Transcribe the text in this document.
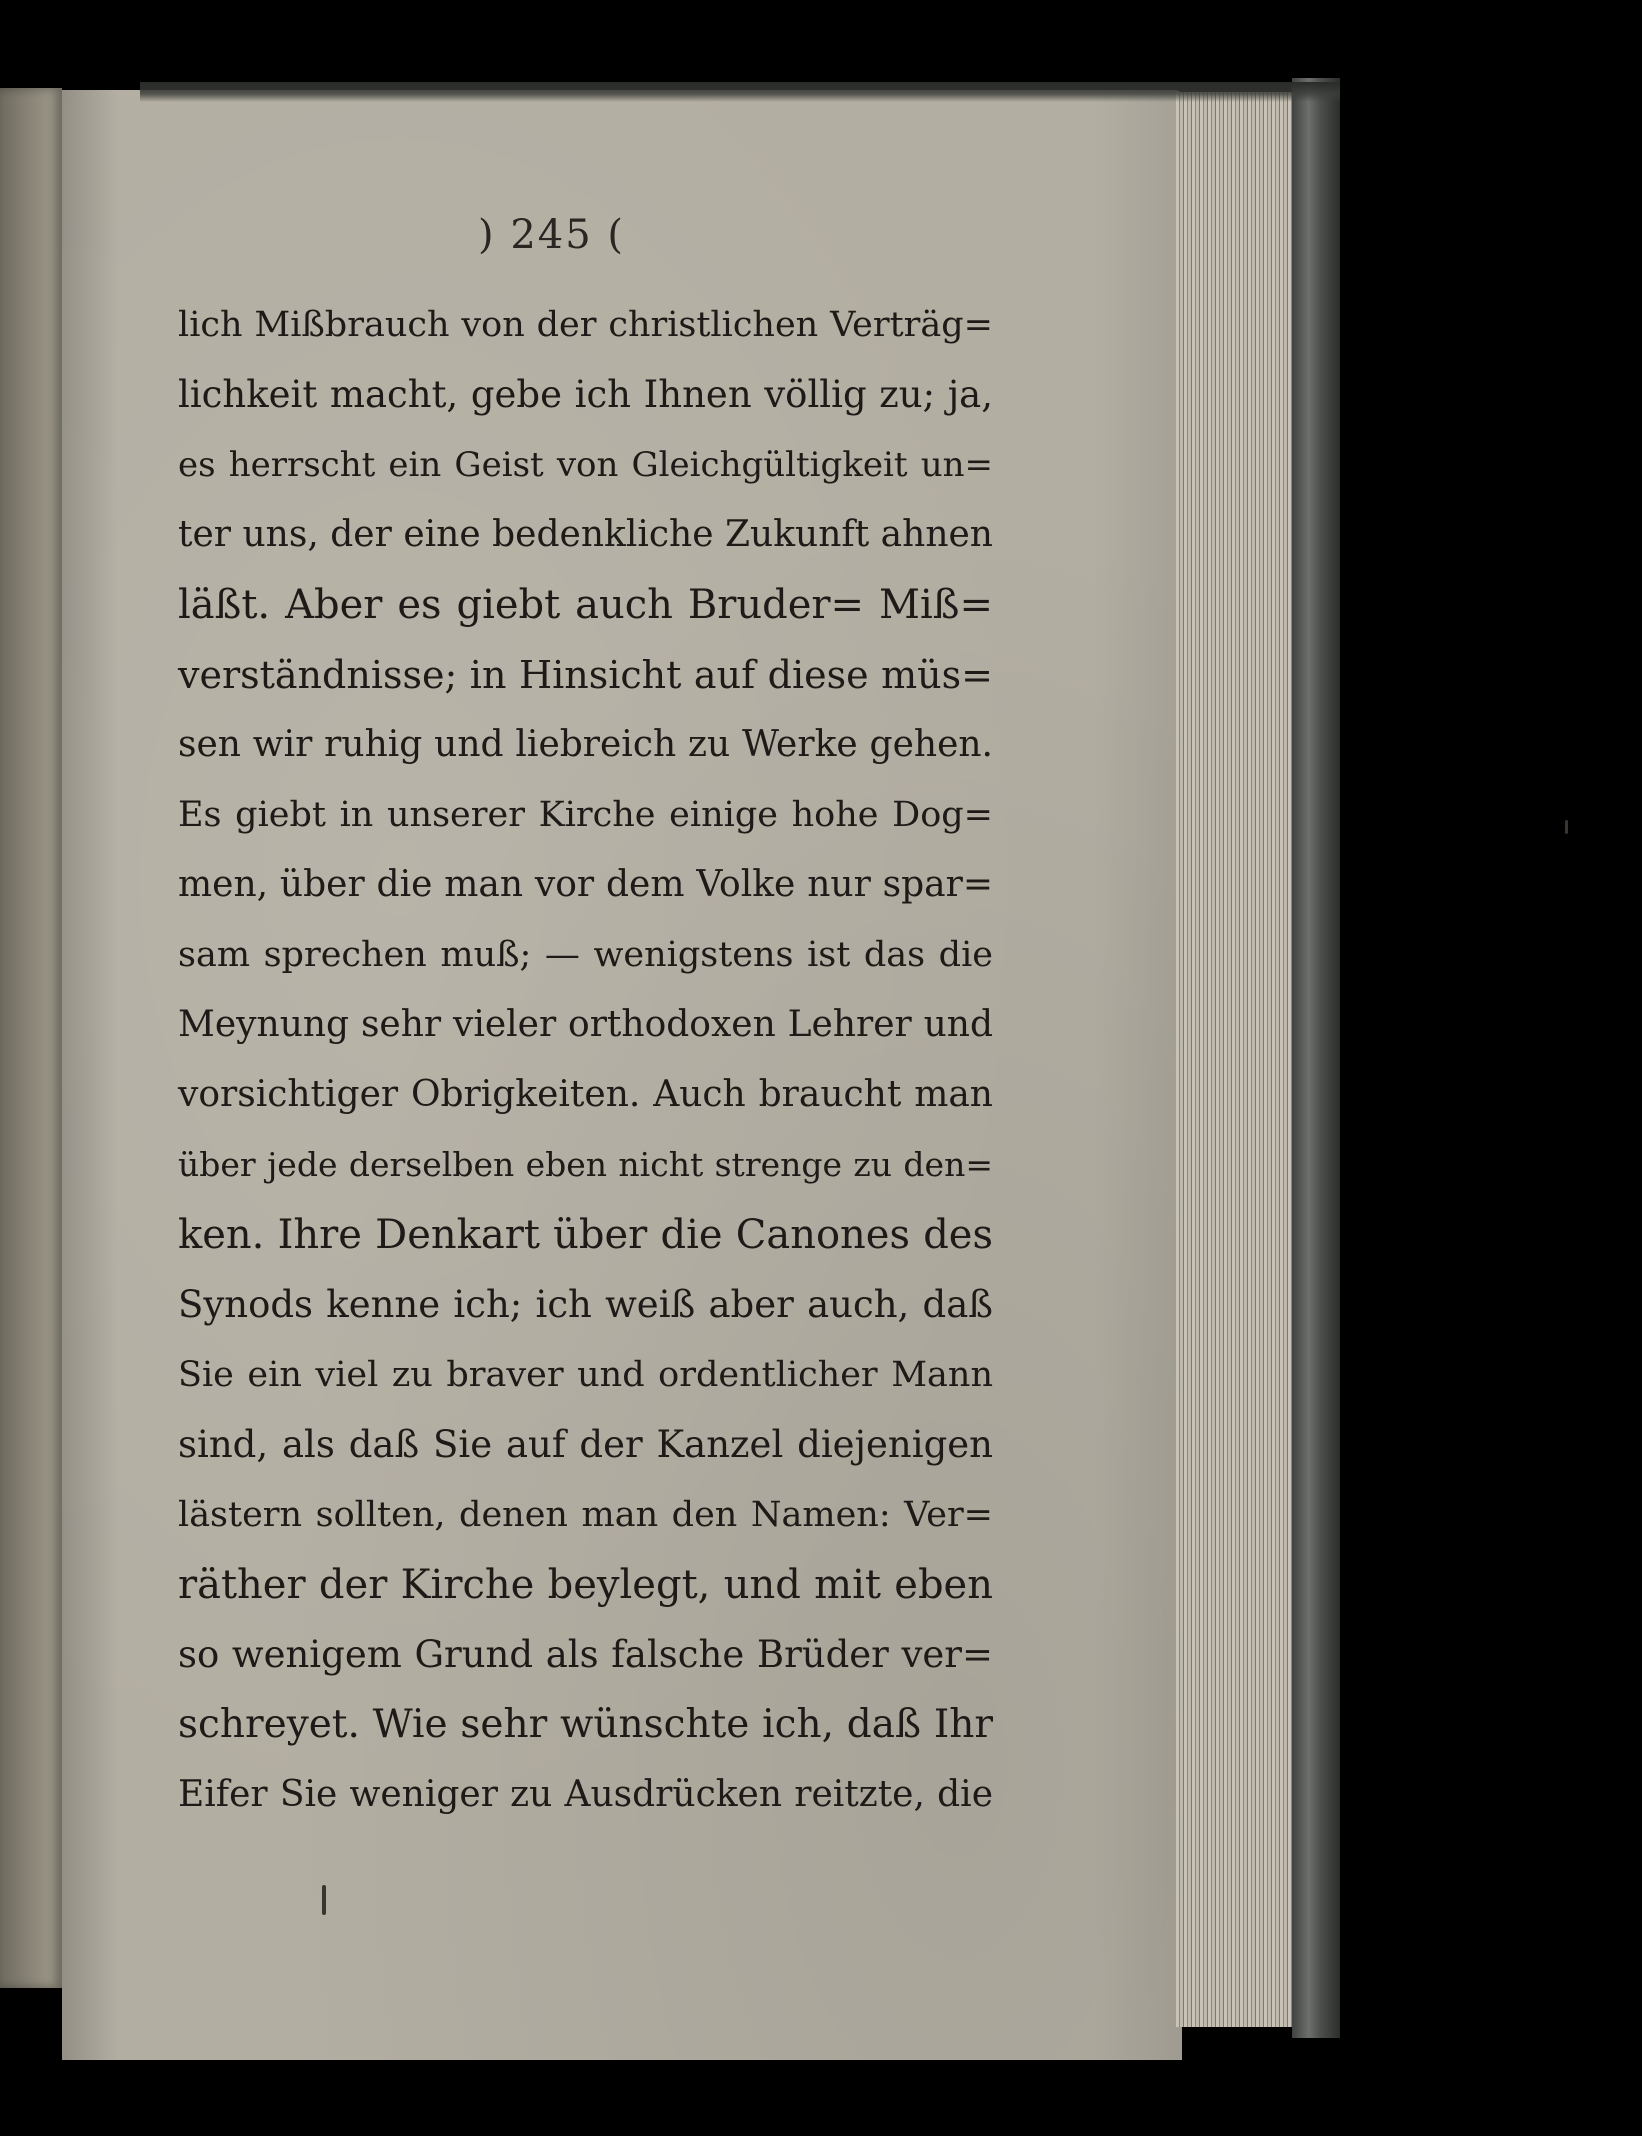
) 245 (
lich Mißbrauch von der christlichen Verträg=
lichkeit macht, gebe ich Ihnen völlig zu; ja,
es herrscht ein Geist von Gleichgültigkeit un=
ter uns, der eine bedenkliche Zukunft ahnen
läßt. Aber es giebt auch Bruder= Miß=
verständnisse; in Hinsicht auf diese müs=
sen wir ruhig und liebreich zu Werke gehen.
Es giebt in unserer Kirche einige hohe Dog=
men, über die man vor dem Volke nur spar=
sam sprechen muß; — wenigstens ist das die
Meynung sehr vieler orthodoxen Lehrer und
vorsichtiger Obrigkeiten. Auch braucht man
über jede derselben eben nicht strenge zu den=
ken. Ihre Denkart über die Canones des
Synods kenne ich; ich weiß aber auch, daß
Sie ein viel zu braver und ordentlicher Mann
sind, als daß Sie auf der Kanzel diejenigen
lästern sollten, denen man den Namen: Ver=
räther der Kirche beylegt, und mit eben
so wenigem Grund als falsche Brüder ver=
schreyet. Wie sehr wünschte ich, daß Ihr
Eifer Sie weniger zu Ausdrücken reitzte, die
